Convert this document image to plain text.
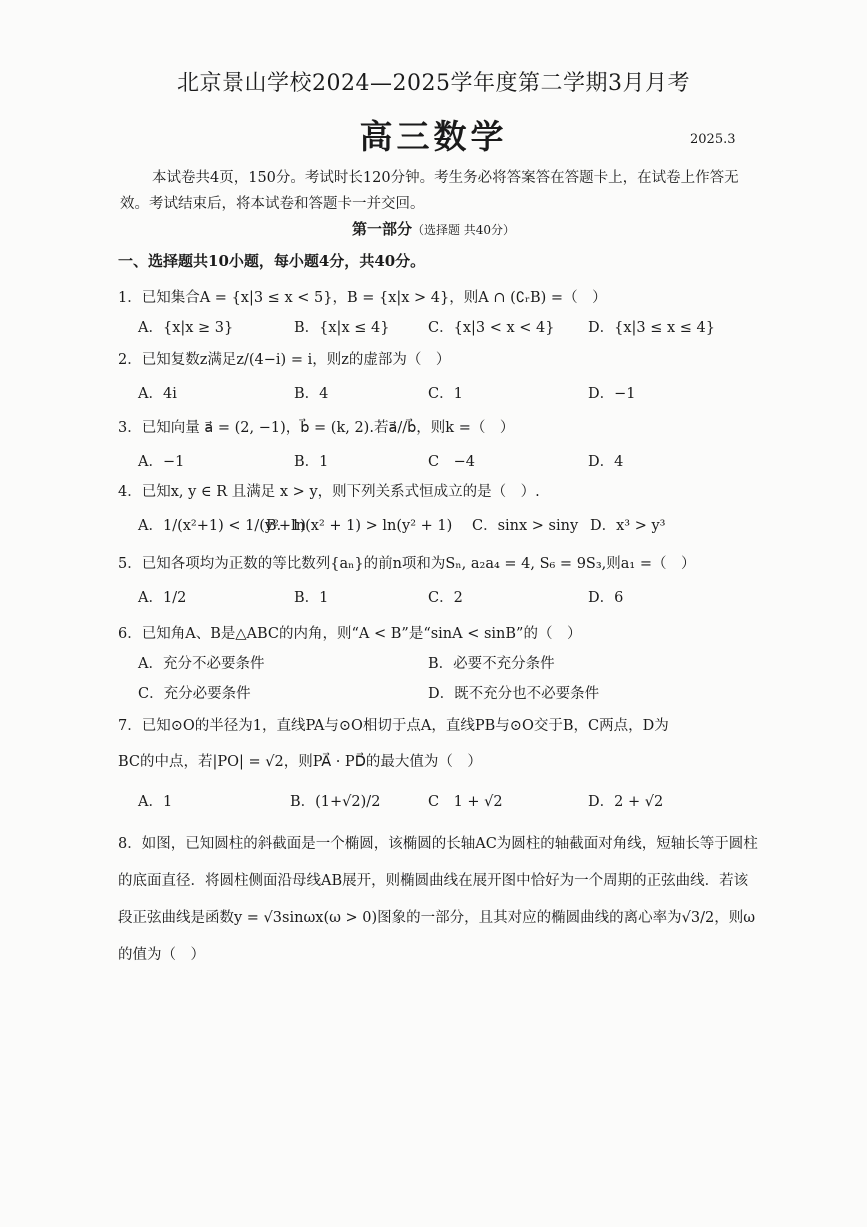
北京景山学校2024—2025学年度第二学期3月月考
高三数学	2025.3
本试卷共4页，150分。考试时长120分钟。考生务必将答案答在答题卡上，在试卷上作答无效。考试结束后，将本试卷和答题卡一并交回。
第一部分（选择题 共40分）
一、选择题共10小题，每小题4分，共40分。
1．已知集合A = {x|3 ≤ x < 5}，B = {x|x > 4}，则A ∩ (∁ᵣB) =（　）
A．{x|x ≥ 3}	B．{x|x ≤ 4}	C．{x|3 < x < 4} D．{x|3 ≤ x ≤ 4}
2．已知复数z满足z/(4−i) = i，则z的虚部为（　）
A．4i	B．4	C．1	D．−1
3．已知向量 a⃗ = (2, −1)，b⃗ = (k, 2).若a⃗//b⃗，则k =（　）
A．−1	B．1	C　−4	D．4
4．已知x, y ∈ R 且满足 x > y，则下列关系式恒成立的是（　）.
A．1/(x²+1) < 1/(y²+1)
B．ln(x² + 1) > ln(y² + 1) C．sinx > siny D．x³ > y³
5．已知各项均为正数的等比数列{aₙ}的前n项和为Sₙ, a₂a₄ = 4, S₆ = 9S₃,则a₁ =（　）
A．1/2	B．1	C．2	D．6
6．已知角A、B是△ABC的内角，则“A < B”是“sinA < sinB”的（　）
A．充分不必要条件	B．必要不充分条件
C．充分必要条件	D．既不充分也不必要条件
7．已知⊙O的半径为1，直线PA与⊙O相切于点A，直线PB与⊙O交于B，C两点，D为
BC的中点，若|PO| = √2，则PA⃗ · PD⃗的最大值为（　）
A．1	B．(1+√2)/2	C　1 + √2	D．2 + √2
8．如图，已知圆柱的斜截面是一个椭圆，该椭圆的长轴AC为圆柱的轴截面对角线，短轴长等于圆柱的底面直径．将圆柱侧面沿母线AB展开，则椭圆曲线在展开图中恰好为一个周期的正弦曲线．若该段正弦曲线是函数y = √3sinωx(ω > 0)图象的一部分，且其对应的椭圆曲线的离心率为√3/2，则ω的值为（　）
